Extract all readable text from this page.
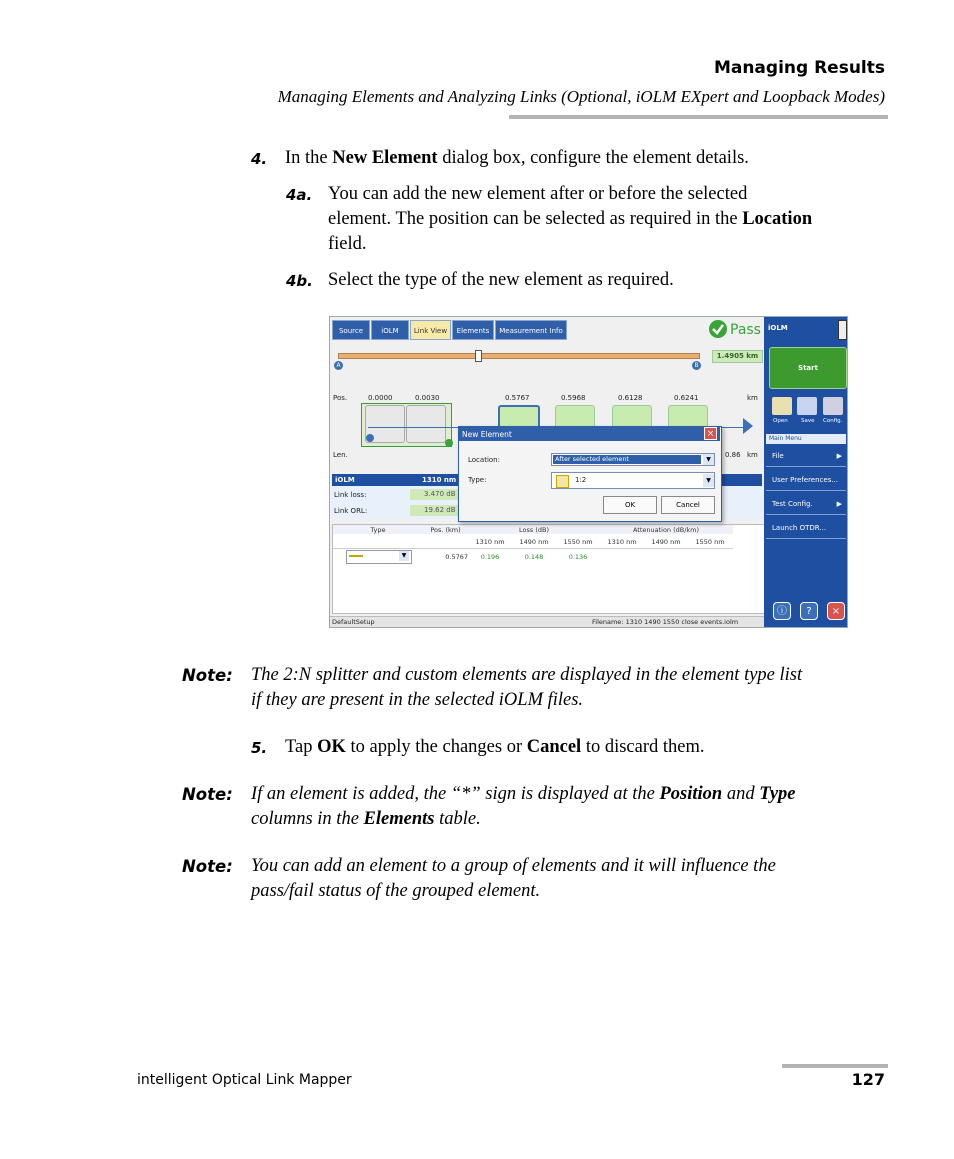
Managing Results
Managing Elements and Analyzing Links (Optional, iOLM EXpert and Loopback Modes)
4. In the New Element dialog box, configure the element details.
4a. You can add the new element after or before the selected
element. The position can be selected as required in the Location
field.
4b. Select the type of the new element as required.
Source	iOLM	Link View	Elements	Measurement Info	Pass
A	B
1.4905 km
Pos.	0.0000	0.0030	0.5767	0.5968	0.6128	0.6241	km
Len.	0.86 km
iOLM	1310 nm
Link loss:	3.470 dB
Link ORL:	19.62 dB
Type	Pos. (km)	Loss (dB)	Attenuation (dB/km)
1310 nm	1490 nm	1550 nm	1310 nm	1490 nm	1550 nm
▼	0.5767	0.196	0.148	0.136
New Element	×
Location:	After selected element	▼
Type:	1:2	▼
OK	Cancel
iOLM
Start
Open Save Config.
Main Menu
File	▶
User Preferences...
Test Config.	▶
Launch OTDR...
ⓘ	?	×
DefaultSetup	Filename: 1310 1490 1550 close events.iolm
Note: The 2:N splitter and custom elements are displayed in the element type list
if they are present in the selected iOLM files.
5. Tap OK to apply the changes or Cancel to discard them.
Note: If an element is added, the “*” sign is displayed at the Position and Type
columns in the Elements table.
Note: You can add an element to a group of elements and it will influence the
pass/fail status of the grouped element.
intelligent Optical Link Mapper	127
